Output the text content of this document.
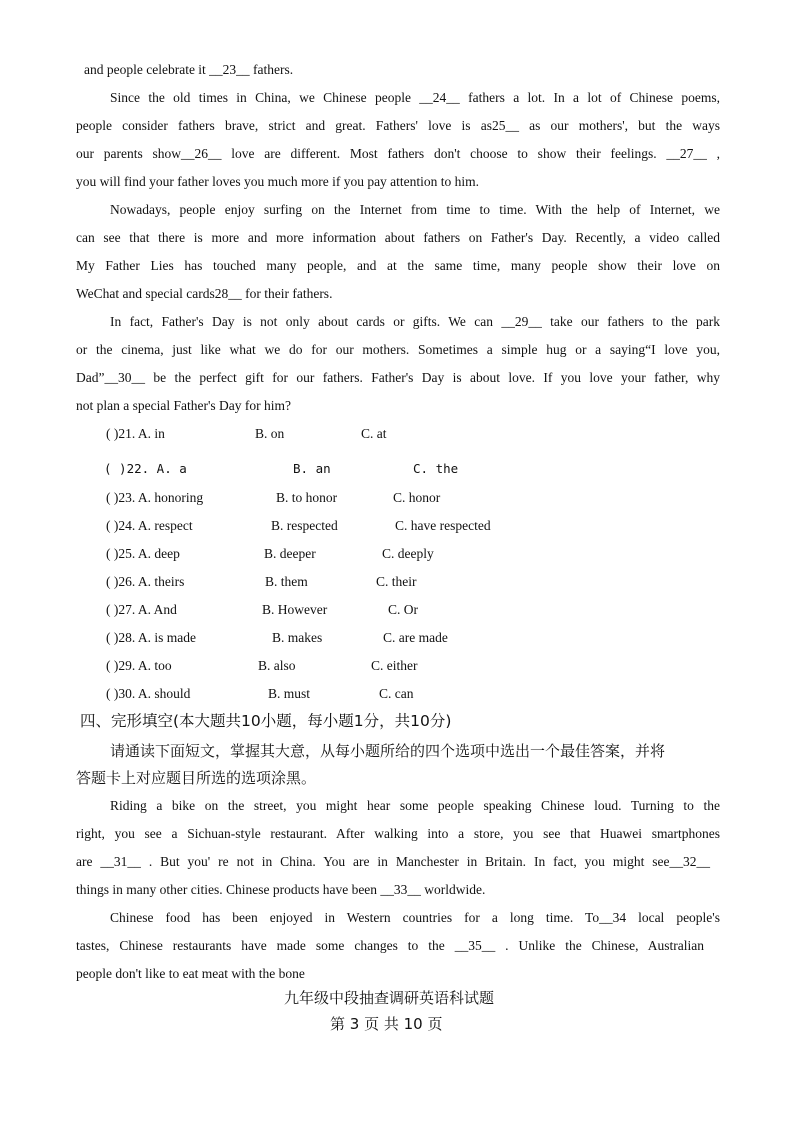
and people celebrate it __23__ fathers.
Since the old times in China, we Chinese people __24__ fathers a lot. In a lot of Chinese poems,
people consider fathers brave, strict and great. Fathers' love is as25__ as our mothers', but the ways
our parents show__26__ love are different. Most fathers don't choose to show their feelings. __27__ ,
you will find your father loves you much more if you pay attention to him.
Nowadays, people enjoy surfing on the Internet from time to time. With the help of Internet, we
can see that there is more and more information about fathers on Father's Day. Recently, a video called
My Father Lies has touched many people, and at the same time, many people show their love on
WeChat and special cards28__ for their fathers.
In fact, Father's Day is not only about cards or gifts. We can __29__ take our fathers to the park
or the cinema, just like what we do for our mothers. Sometimes a simple hug or a saying“I love you,
Dad”__30__ be the perfect gift for our fathers. Father's Day is about love. If you love your father, why
not plan a special Father's Day for him?
( )21. A. in	B. on	C. at
( )22. A. a	B. an	C. the
( )23. A. honoring	B. to honor	C. honor
( )24. A. respect	B. respected	C. have respected
( )25. A. deep	B. deeper	C. deeply
( )26. A. theirs	B. them	C. their
( )27. A. And	B. However	C. Or
( )28. A. is made	B. makes	C. are made
( )29. A. too	B. also	C. either
( )30. A. should	B. must	C. can
四、完形填空(本大题共10小题，每小题1分，共10分)
请通读下面短文，掌握其大意，从每小题所给的四个选项中选出一个最佳答案，并将
答题卡上对应题目所选的选项涂黑。
Riding a bike on the street, you might hear some people speaking Chinese loud. Turning to the
right, you see a Sichuan-style restaurant. After walking into a store, you see that Huawei smartphones
are __31__ . But you' re not in China. You are in Manchester in Britain. In fact, you might see__32__
things in many other cities. Chinese products have been __33__ worldwide.
Chinese food has been enjoyed in Western countries for a long time. To__34 local people's
tastes, Chinese restaurants have made some changes to the __35__ . Unlike the Chinese, Australian
people don't like to eat meat with the bone
九年级中段抽查调研英语科试题
第 3 页 共 10 页
